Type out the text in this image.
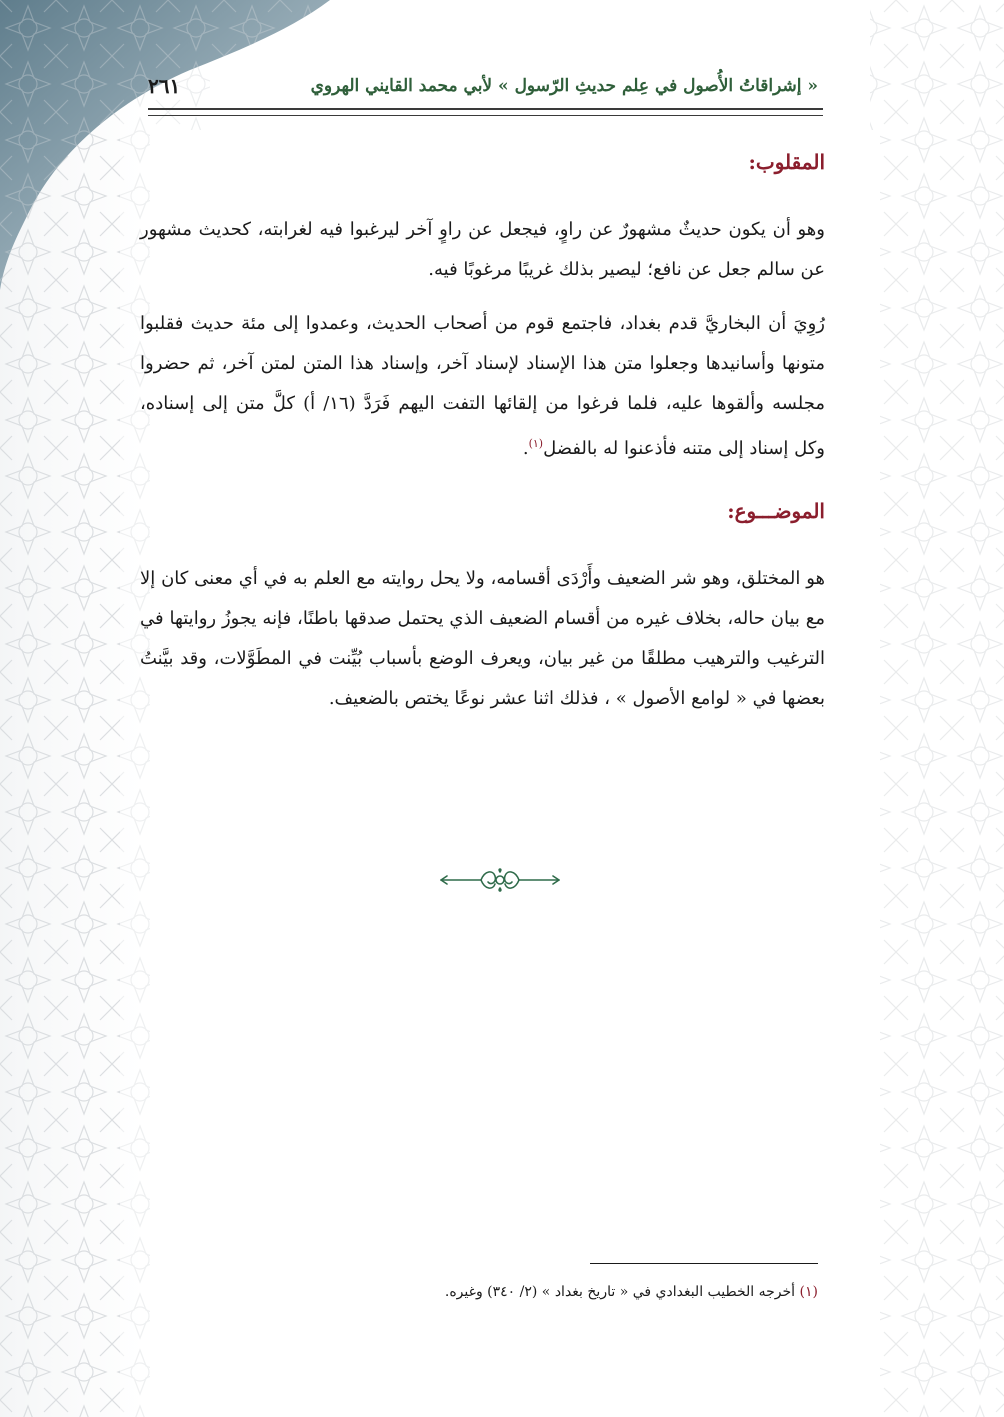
« إشراقاتُ الأُصول في عِلم حديثِ الرّسول » لأبي محمد القايني الهروي
٢٦١
المقلوب:

وهو أن يكون حديثٌ مشهورٌ عن راوٍ، فيجعل عن راوٍ آخر ليرغبوا فيه لغرابته، كحديث مشهور عن سالم جعل عن نافع؛ ليصير بذلك غريبًا مرغوبًا فيه.

رُوِيَ أن البخاريَّ قدم بغداد، فاجتمع قوم من أصحاب الحديث، وعمدوا إلى مئة حديث فقلبوا متونها وأسانيدها وجعلوا متن هذا الإسناد لإسناد آخر، وإسناد هذا المتن لمتن آخر، ثم حضروا مجلسه وألقوها عليه، فلما فرغوا من إلقائها التفت اليهم فَرَدَّ (١٦/ أ) كلَّ متن إلى إسناده، وكل إسناد إلى متنه فأذعنوا له بالفضل$^{(١)}$.

الموضـــوع:

هو المختلق، وهو شر الضعيف وأَرْدَى أقسامه، ولا يحل روايته مع العلم به في أي معنى كان إلا مع بيان حاله، بخلاف غيره من أقسام الضعيف الذي يحتمل صدقها باطنًا، فإنه يجوزُ روايتها في الترغيب والترهيب مطلقًا من غير بيان، ويعرف الوضع بأسباب بُيِّنت في المطَوَّلات، وقد بيَّنتُ بعضها في « لوامع الأصول » ، فذلك اثنا عشر نوعًا يختص بالضعيف.

(١) أخرجه الخطيب البغدادي في « تاريخ بغداد » (٢/ ٣٤٠) وغيره.
